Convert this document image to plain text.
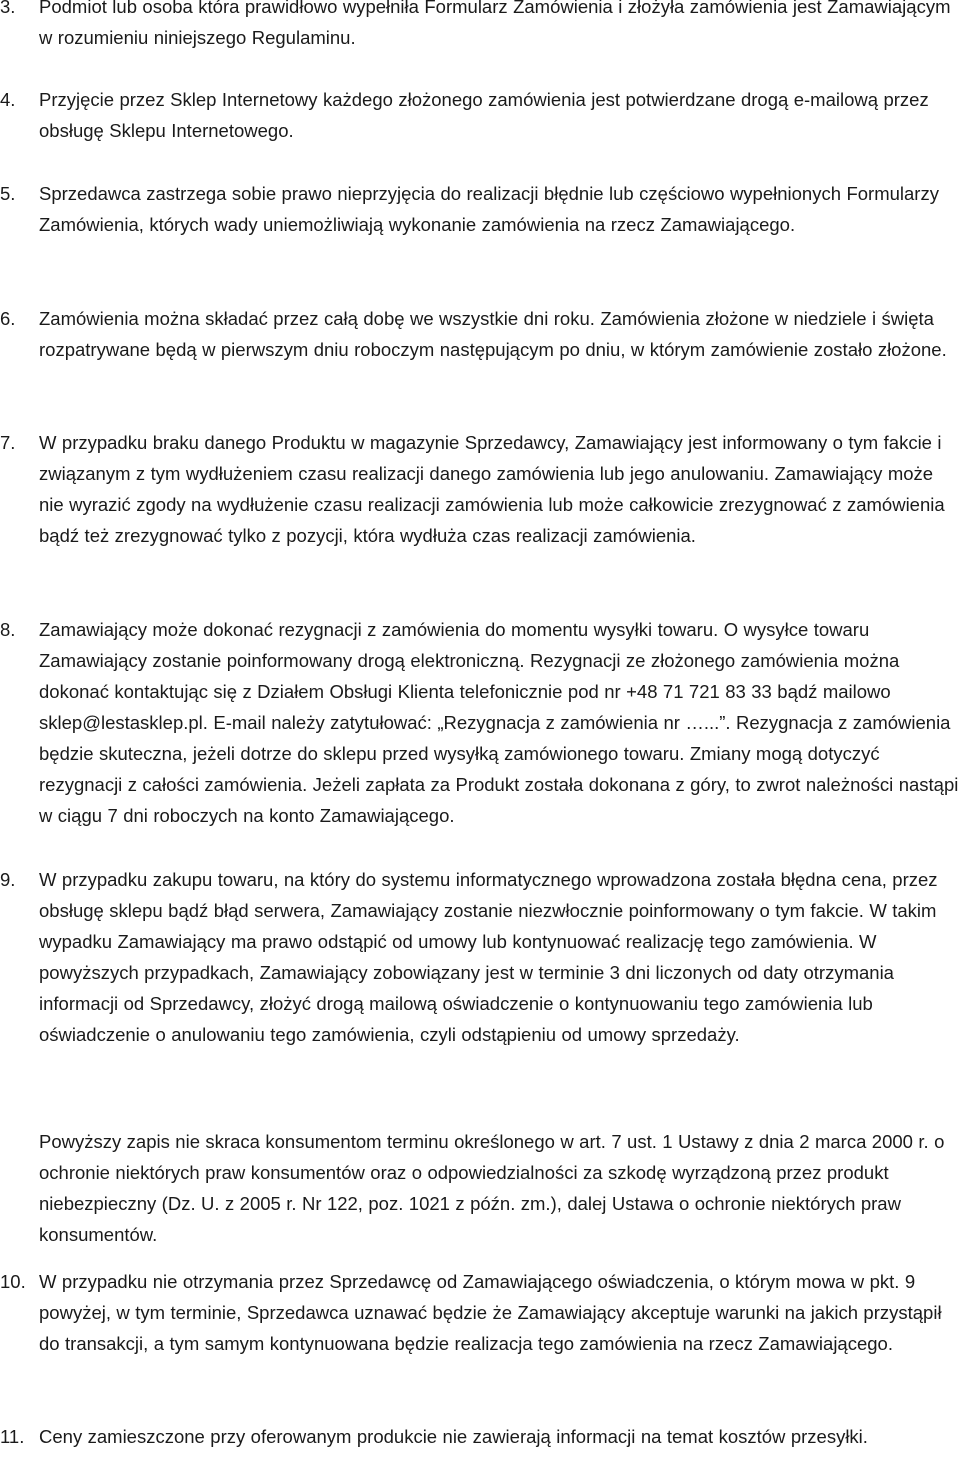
3.	Podmiot lub osoba która prawidłowo wypełniła Formularz Zamówienia i złożyła zamówienia jest Zamawiającym w rozumieniu niniejszego Regulaminu.
4.	Przyjęcie przez Sklep Internetowy każdego złożonego zamówienia jest potwierdzane drogą e-mailową przez obsługę Sklepu Internetowego.
5.	Sprzedawca zastrzega sobie prawo nieprzyjęcia do realizacji błędnie lub częściowo wypełnionych Formularzy Zamówienia, których wady uniemożliwiają wykonanie zamówienia na rzecz Zamawiającego.
6.	Zamówienia można składać przez całą dobę we wszystkie dni roku. Zamówienia złożone w niedziele i święta rozpatrywane będą w pierwszym dniu roboczym następującym po dniu, w którym zamówienie zostało złożone.
7.	W przypadku braku danego Produktu w magazynie Sprzedawcy, Zamawiający jest informowany o tym fakcie i związanym z tym wydłużeniem czasu realizacji danego zamówienia lub jego anulowaniu. Zamawiający może nie wyrazić zgody na wydłużenie czasu realizacji zamówienia lub może całkowicie zrezygnować z zamówienia bądź też zrezygnować tylko z pozycji, która wydłuża czas realizacji zamówienia.
8.	Zamawiający może dokonać rezygnacji z zamówienia do momentu wysyłki towaru. O wysyłce towaru Zamawiający zostanie poinformowany drogą elektroniczną. Rezygnacji ze złożonego zamówienia można dokonać kontaktując się z Działem Obsługi Klienta telefonicznie pod nr +48 71 721 83 33 bądź mailowo sklep@lestasklep.pl. E-mail należy zatytułować: „Rezygnacja z zamówienia nr …...”. Rezygnacja z zamówienia będzie skuteczna, jeżeli dotrze do sklepu przed wysyłką zamówionego towaru. Zmiany mogą dotyczyć rezygnacji z całości zamówienia. Jeżeli zapłata za Produkt została dokonana z góry, to zwrot należności nastąpi w ciągu 7 dni roboczych na konto Zamawiającego.
9.	W przypadku zakupu towaru, na który do systemu informatycznego wprowadzona została błędna cena, przez obsługę sklepu bądź błąd serwera, Zamawiający zostanie niezwłocznie poinformowany o tym fakcie. W takim wypadku Zamawiający ma prawo odstąpić od umowy lub kontynuować realizację tego zamówienia. W powyższych przypadkach, Zamawiający zobowiązany jest w terminie 3 dni liczonych od daty otrzymania informacji od Sprzedawcy, złożyć drogą mailową oświadczenie o kontynuowaniu tego zamówienia lub oświadczenie o anulowaniu tego zamówienia, czyli odstąpieniu od umowy sprzedaży.
Powyższy zapis nie skraca konsumentom terminu określonego w art. 7 ust. 1 Ustawy z dnia 2 marca 2000 r. o ochronie niektórych praw konsumentów oraz o odpowiedzialności za szkodę wyrządzoną przez produkt niebezpieczny (Dz. U. z 2005 r. Nr 122, poz. 1021 z późn. zm.), dalej Ustawa o ochronie niektórych praw konsumentów.
10. W przypadku nie otrzymania przez Sprzedawcę od Zamawiającego oświadczenia, o którym mowa w pkt. 9 powyżej, w tym terminie, Sprzedawca uznawać będzie że Zamawiający akceptuje warunki na jakich przystąpił do transakcji, a tym samym kontynuowana będzie realizacja tego zamówienia na rzecz Zamawiającego.
11. Ceny zamieszczone przy oferowanym produkcie nie zawierają informacji na temat kosztów przesyłki.
